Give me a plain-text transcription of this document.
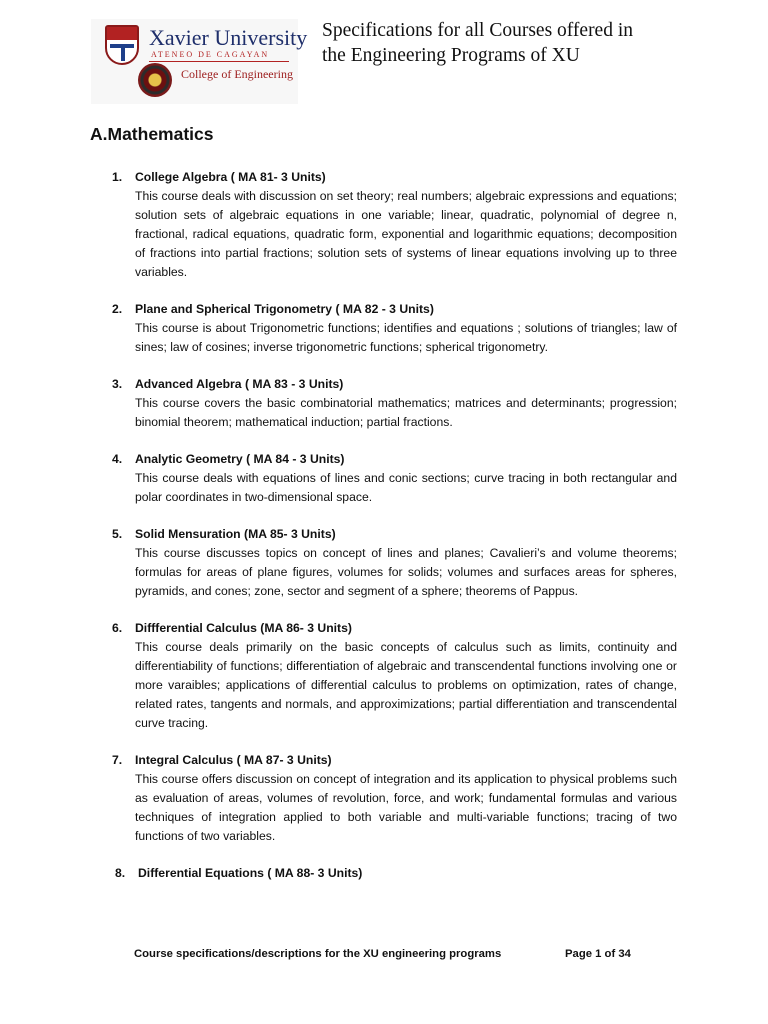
Xavier University
ATENEO DE CAGAYAN
College of Engineering
Specifications for all Courses offered in
the Engineering Programs of XU
A.Mathematics
1. College Algebra ( MA 81- 3 Units)
This course deals with discussion on set theory; real numbers; algebraic expressions and equations; solution sets of algebraic equations in one variable; linear, quadratic, polynomial of degree n, fractional, radical equations, quadratic form, exponential and logarithmic equations; decomposition of fractions into partial fractions; solution sets of systems of linear equations involving up to three variables.
2. Plane and Spherical Trigonometry ( MA 82 - 3 Units)
This course is about Trigonometric functions; identifies and equations ; solutions of triangles; law of sines; law of cosines; inverse trigonometric functions; spherical trigonometry.
3. Advanced Algebra ( MA 83 - 3 Units)
This course covers the basic combinatorial mathematics; matrices and determinants; progression; binomial theorem; mathematical induction; partial fractions.
4. Analytic Geometry ( MA 84 - 3 Units)
This course deals with equations of lines and conic sections; curve tracing in both rectangular and polar coordinates in two-dimensional space.
5. Solid Mensuration (MA 85- 3 Units)
This course discusses topics on concept of lines and planes; Cavalieri’s and volume theorems; formulas for areas of plane figures, volumes for solids; volumes and surfaces areas for spheres, pyramids, and cones; zone, sector and segment of a sphere; theorems of Pappus.
6. Diffferential Calculus (MA 86- 3 Units)
This course deals primarily on the basic concepts of calculus such as limits, continuity and differentiability of functions; differentiation of algebraic and transcendental functions involving one or more varaibles; applications of differential calculus to problems on optimization, rates of change, related rates, tangents and normals, and approximizations; partial differentiation and transcendental curve tracing.
7. Integral Calculus ( MA 87- 3 Units)
This course offers discussion on concept of integration and its application to physical problems such as evaluation of areas, volumes of revolution, force, and work; fundamental formulas and various techniques of integration applied to both variable and multi-variable functions; tracing of two functions of two variables.
8. Differential Equations ( MA 88- 3 Units)
Course specifications/descriptions for the XU engineering programs	Page 1 of 34
